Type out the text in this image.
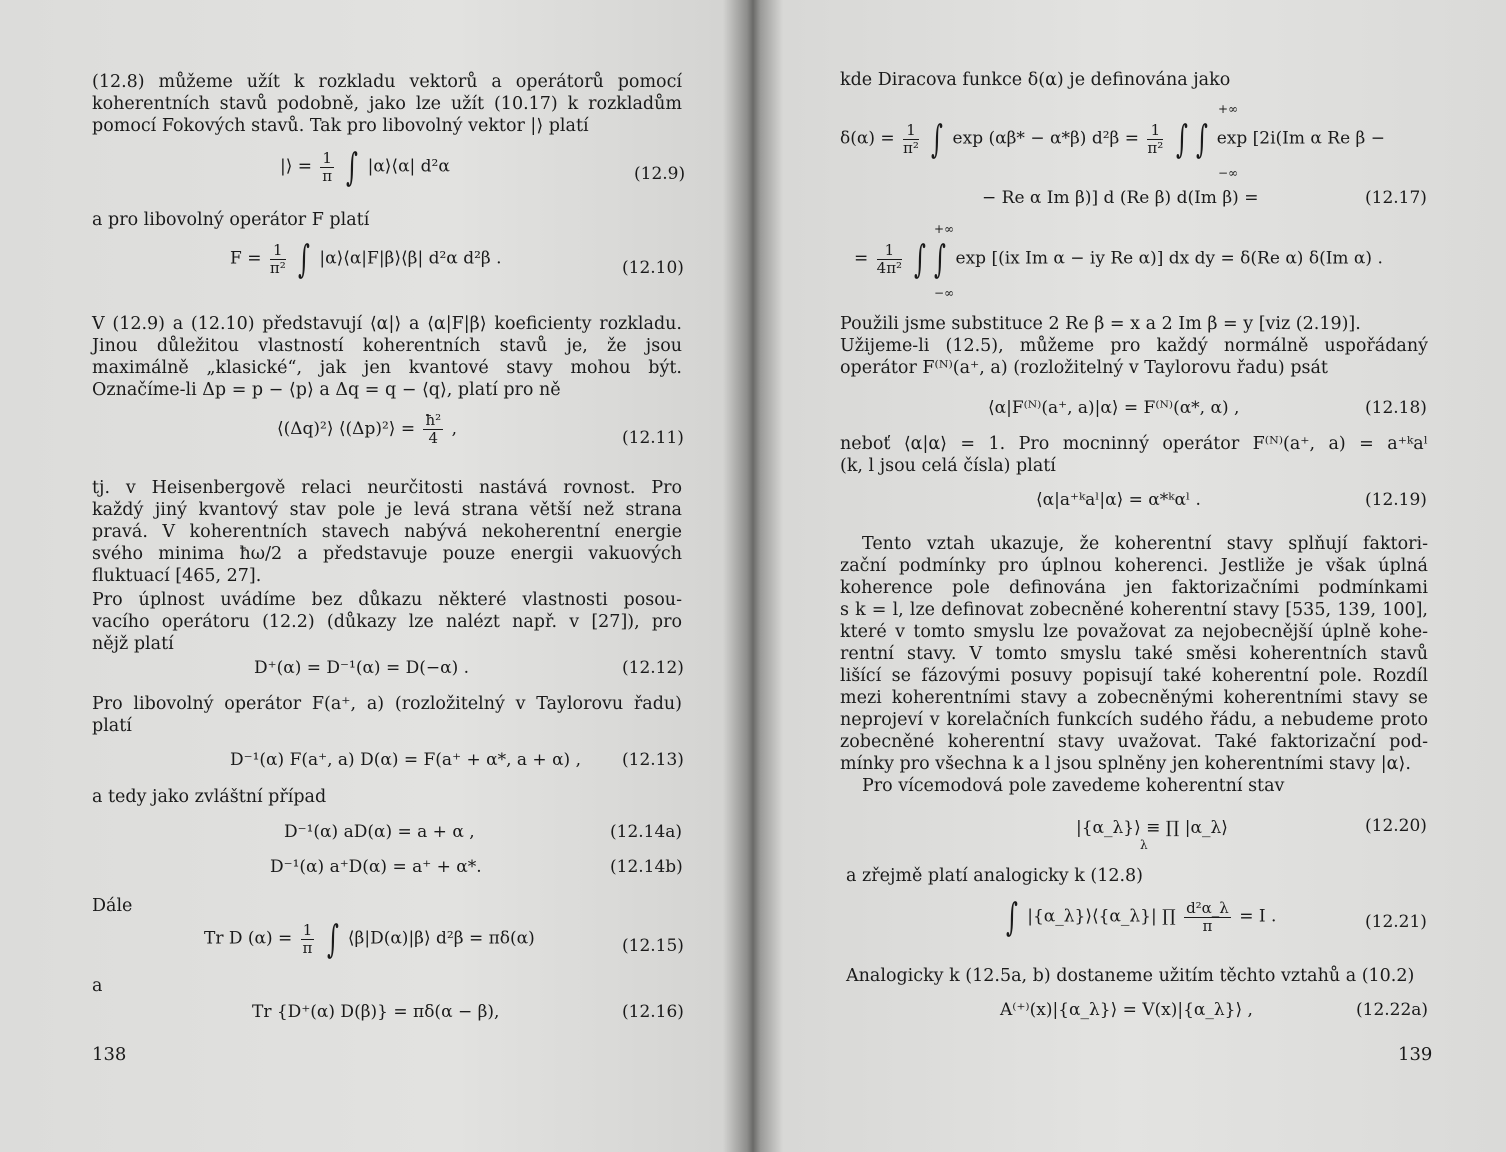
(12.8) můžeme užít k rozkladu vektorů a operátorů pomocí
koherentních stavů podobně, jako lze užít (10.17) k rozkladům
pomocí Fokových stavů. Tak pro libovolný vektor |⟩ platí
|⟩ = $\frac{1}{\pi}$ ∫ |α⟩⟨α| d²α	(12.9)
a pro libovolný operátor F platí
$F = \frac{1}{\text{π²}}$ ∫ |α⟩⟨α|F|β⟩⟨β| d²α d²β .	(12.10)
V (12.9) a (12.10) představují ⟨α|⟩ a ⟨α|F|β⟩ koeficienty rozkladu.
Jinou důležitou vlastností koherentních stavů je, že jsou
maximálně „klasické“, jak jen kvantové stavy mohou být.
Označíme-li Δp = p − ⟨p⟩ a Δq = q − ⟨q⟩, platí pro ně
⟨(Δq)²⟩ ⟨(Δp)²⟩ = $\frac{\text{ħ²}}{4}$ ,	(12.11)
tj. v Heisenbergově relaci neurčitosti nastává rovnost. Pro
každý jiný kvantový stav pole je levá strana větší než strana
pravá. V koherentních stavech nabývá nekoherentní energie
svého minima ħω/2 a představuje pouze energii vakuových
fluktuací [465, 27].
Pro úplnost uvádíme bez důkazu některé vlastnosti posou-
vacího operátoru (12.2) (důkazy lze nalézt např. v [27]), pro
nějž platí
D⁺(α) = D⁻¹(α) = D(−α) .	(12.12)
Pro libovolný operátor F(a⁺, a) (rozložitelný v Taylorovu řadu)
platí
D⁻¹(α) F(a⁺, a) D(α) = F(a⁺ + α*, a + α) , (12.13)
a tedy jako zvláštní případ
D⁻¹(α) aD(α) = a + α ,	(12.14a)
D⁻¹(α) a⁺D(α) = a⁺ + α*.	(12.14b)
Dále
Tr D $(\alpha) = \frac{1}{\pi}$ ∫ ⟨β|D(α)|β⟩ d²β = πδ(α)	(12.15)
a
Tr {D⁺(α) D(β)} = πδ(α − β),	(12.16)
138
kde Diracova funkce δ(α) je definována jako
+∞
$\delta(\alpha) = \frac{1}{\text{π²}}$ ∫ exp (αβ* − α*β) $d^2\beta = \frac{1}{\text{π²}}$ ∫ ∫ exp [2i(Im α Re β −
−∞
− Re α Im β)] d (Re β) d(Im β) =	(12.17)
+∞
= $\frac{1}{\text{4π²}}$ ∫ ∫ exp [(ix Im α − iy Re α)] dx dy = δ(Re α) δ(Im α) .
−∞
Použili jsme substituce 2 Re β = x a 2 Im β = y [viz (2.19)].
Užijeme-li (12.5), můžeme pro každý normálně uspořádaný
operátor F⁽ᴺ⁾(a⁺, a) (rozložitelný v Taylorovu řadu) psát
⟨α|F⁽ᴺ⁾(a⁺, a)|α⟩ = F⁽ᴺ⁾(α*, α) ,	(12.18)
neboť ⟨α|α⟩ = 1. Pro mocninný operátor F⁽ᴺ⁾(a⁺, a) = a⁺ᵏaˡ
(k, l jsou celá čísla) platí
⟨α|a⁺ᵏaˡ|α⟩ = α*ᵏαˡ .	(12.19)
Tento vztah ukazuje, že koherentní stavy splňují faktori-
zační podmínky pro úplnou koherenci. Jestliže je však úplná
koherence pole definována jen faktorizačními podmínkami
s k = l, lze definovat zobecněné koherentní stavy [535, 139, 100],
které v tomto smyslu lze považovat za nejobecnější úplně kohe-
rentní stavy. V tomto smyslu také směsi koherentních stavů
lišící se fázovými posuvy popisují také koherentní pole. Rozdíl
mezi koherentními stavy a zobecněnými koherentními stavy se
neprojeví v korelačních funkcích sudého řádu, a nebudeme proto
zobecněné koherentní stavy uvažovat. Také faktorizační pod-
mínky pro všechna k a l jsou splněny jen koherentními stavy |α⟩.
Pro vícemodová pole zavedeme koherentní stav
|{α_λ}⟩ ≡ ∏ |α_λ⟩
λ
(12.20)
a zřejmě platí analogicky k (12.8)
∫ |{α_λ}⟩⟨{α_λ}| ∏ $\frac{\text{d²α\_λ}}{\pi} = I$ .	(12.21)
Analogicky k (12.5a, b) dostaneme užitím těchto vztahů a (10.2)
A⁽⁺⁾(x)|{α_λ}⟩ = V(x)|{α_λ}⟩ ,	(12.22a)
139
